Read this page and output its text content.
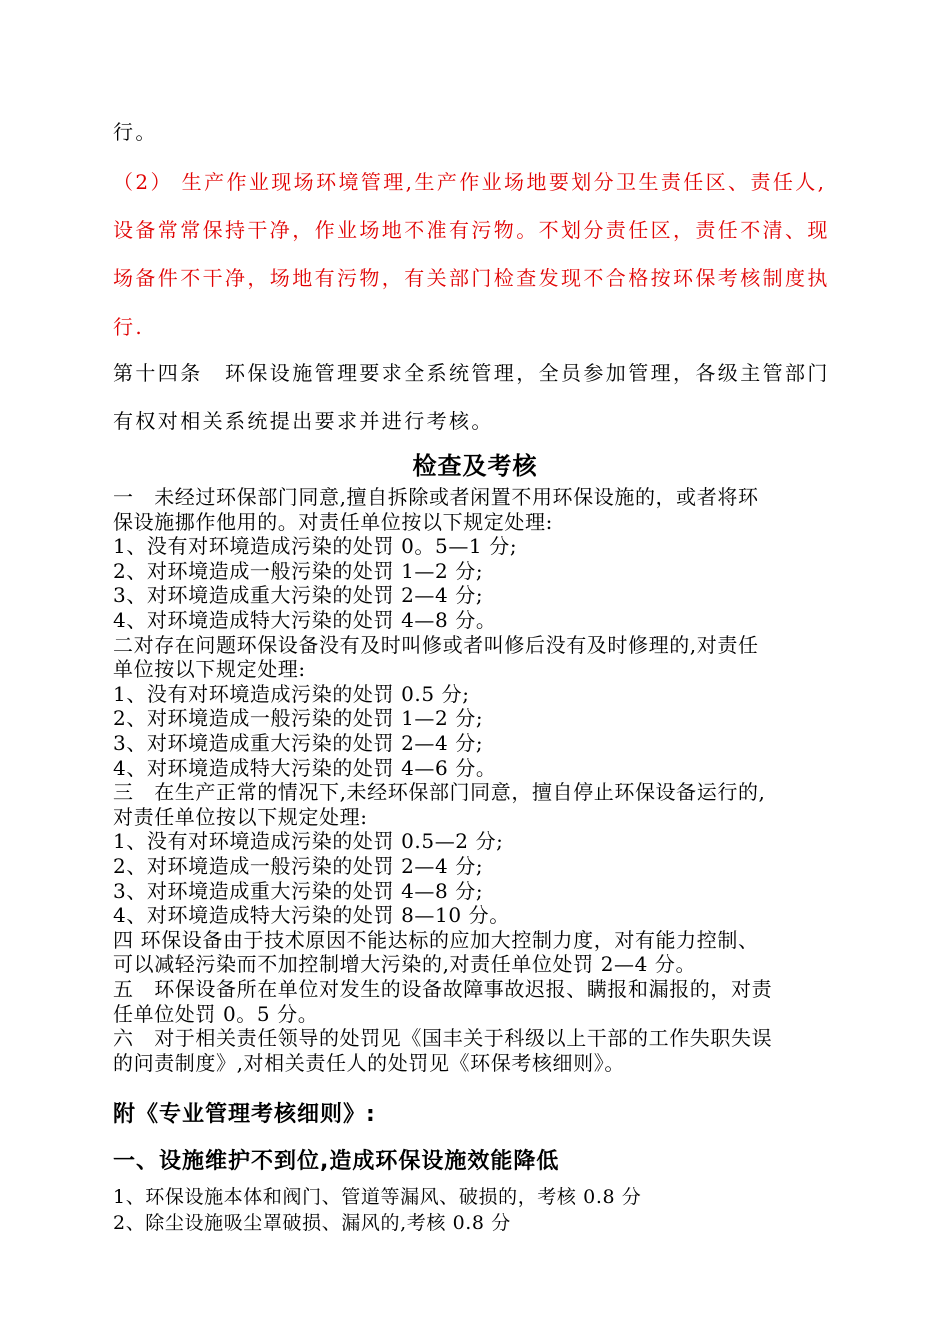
行。
（2） 生产作业现场环境管理,生产作业场地要划分卫生责任区、责任人,
设备常常保持干净，作业场地不准有污物。不划分责任区，责任不清、现
场备件不干净，场地有污物，有关部门检查发现不合格按环保考核制度执
行.
第十四条　环保设施管理要求全系统管理，全员参加管理，各级主管部门
有权对相关系统提出要求并进行考核。
检查及考核
一　未经过环保部门同意,擅自拆除或者闲置不用环保设施的，或者将环
保设施挪作他用的。对责任单位按以下规定处理:
1、没有对环境造成污染的处罚 0。5—1 分;
2、对环境造成一般污染的处罚 1—2 分;
3、对环境造成重大污染的处罚 2—4 分;
4、对环境造成特大污染的处罚 4—8 分。
二对存在问题环保设备没有及时叫修或者叫修后没有及时修理的,对责任
单位按以下规定处理:
1、没有对环境造成污染的处罚 0.5 分;
2、对环境造成一般污染的处罚 1—2 分;
3、对环境造成重大污染的处罚 2—4 分;
4、对环境造成特大污染的处罚 4—6 分。
三　在生产正常的情况下,未经环保部门同意，擅自停止环保设备运行的,
对责任单位按以下规定处理:
1、没有对环境造成污染的处罚 0.5—2 分;
2、对环境造成一般污染的处罚 2—4 分;
3、对环境造成重大污染的处罚 4—8 分;
4、对环境造成特大污染的处罚 8—10 分。
四 环保设备由于技术原因不能达标的应加大控制力度，对有能力控制、
可以减轻污染而不加控制增大污染的,对责任单位处罚 2—4 分。
五　环保设备所在单位对发生的设备故障事故迟报、瞒报和漏报的，对责
任单位处罚 0。5 分。
六　对于相关责任领导的处罚见《国丰关于科级以上干部的工作失职失误
的问责制度》,对相关责任人的处罚见《环保考核细则》。
附《专业管理考核细则》:
一、设施维护不到位,造成环保设施效能降低
1、环保设施本体和阀门、管道等漏风、破损的，考核 0.8 分
2、除尘设施吸尘罩破损、漏风的,考核 0.8 分
